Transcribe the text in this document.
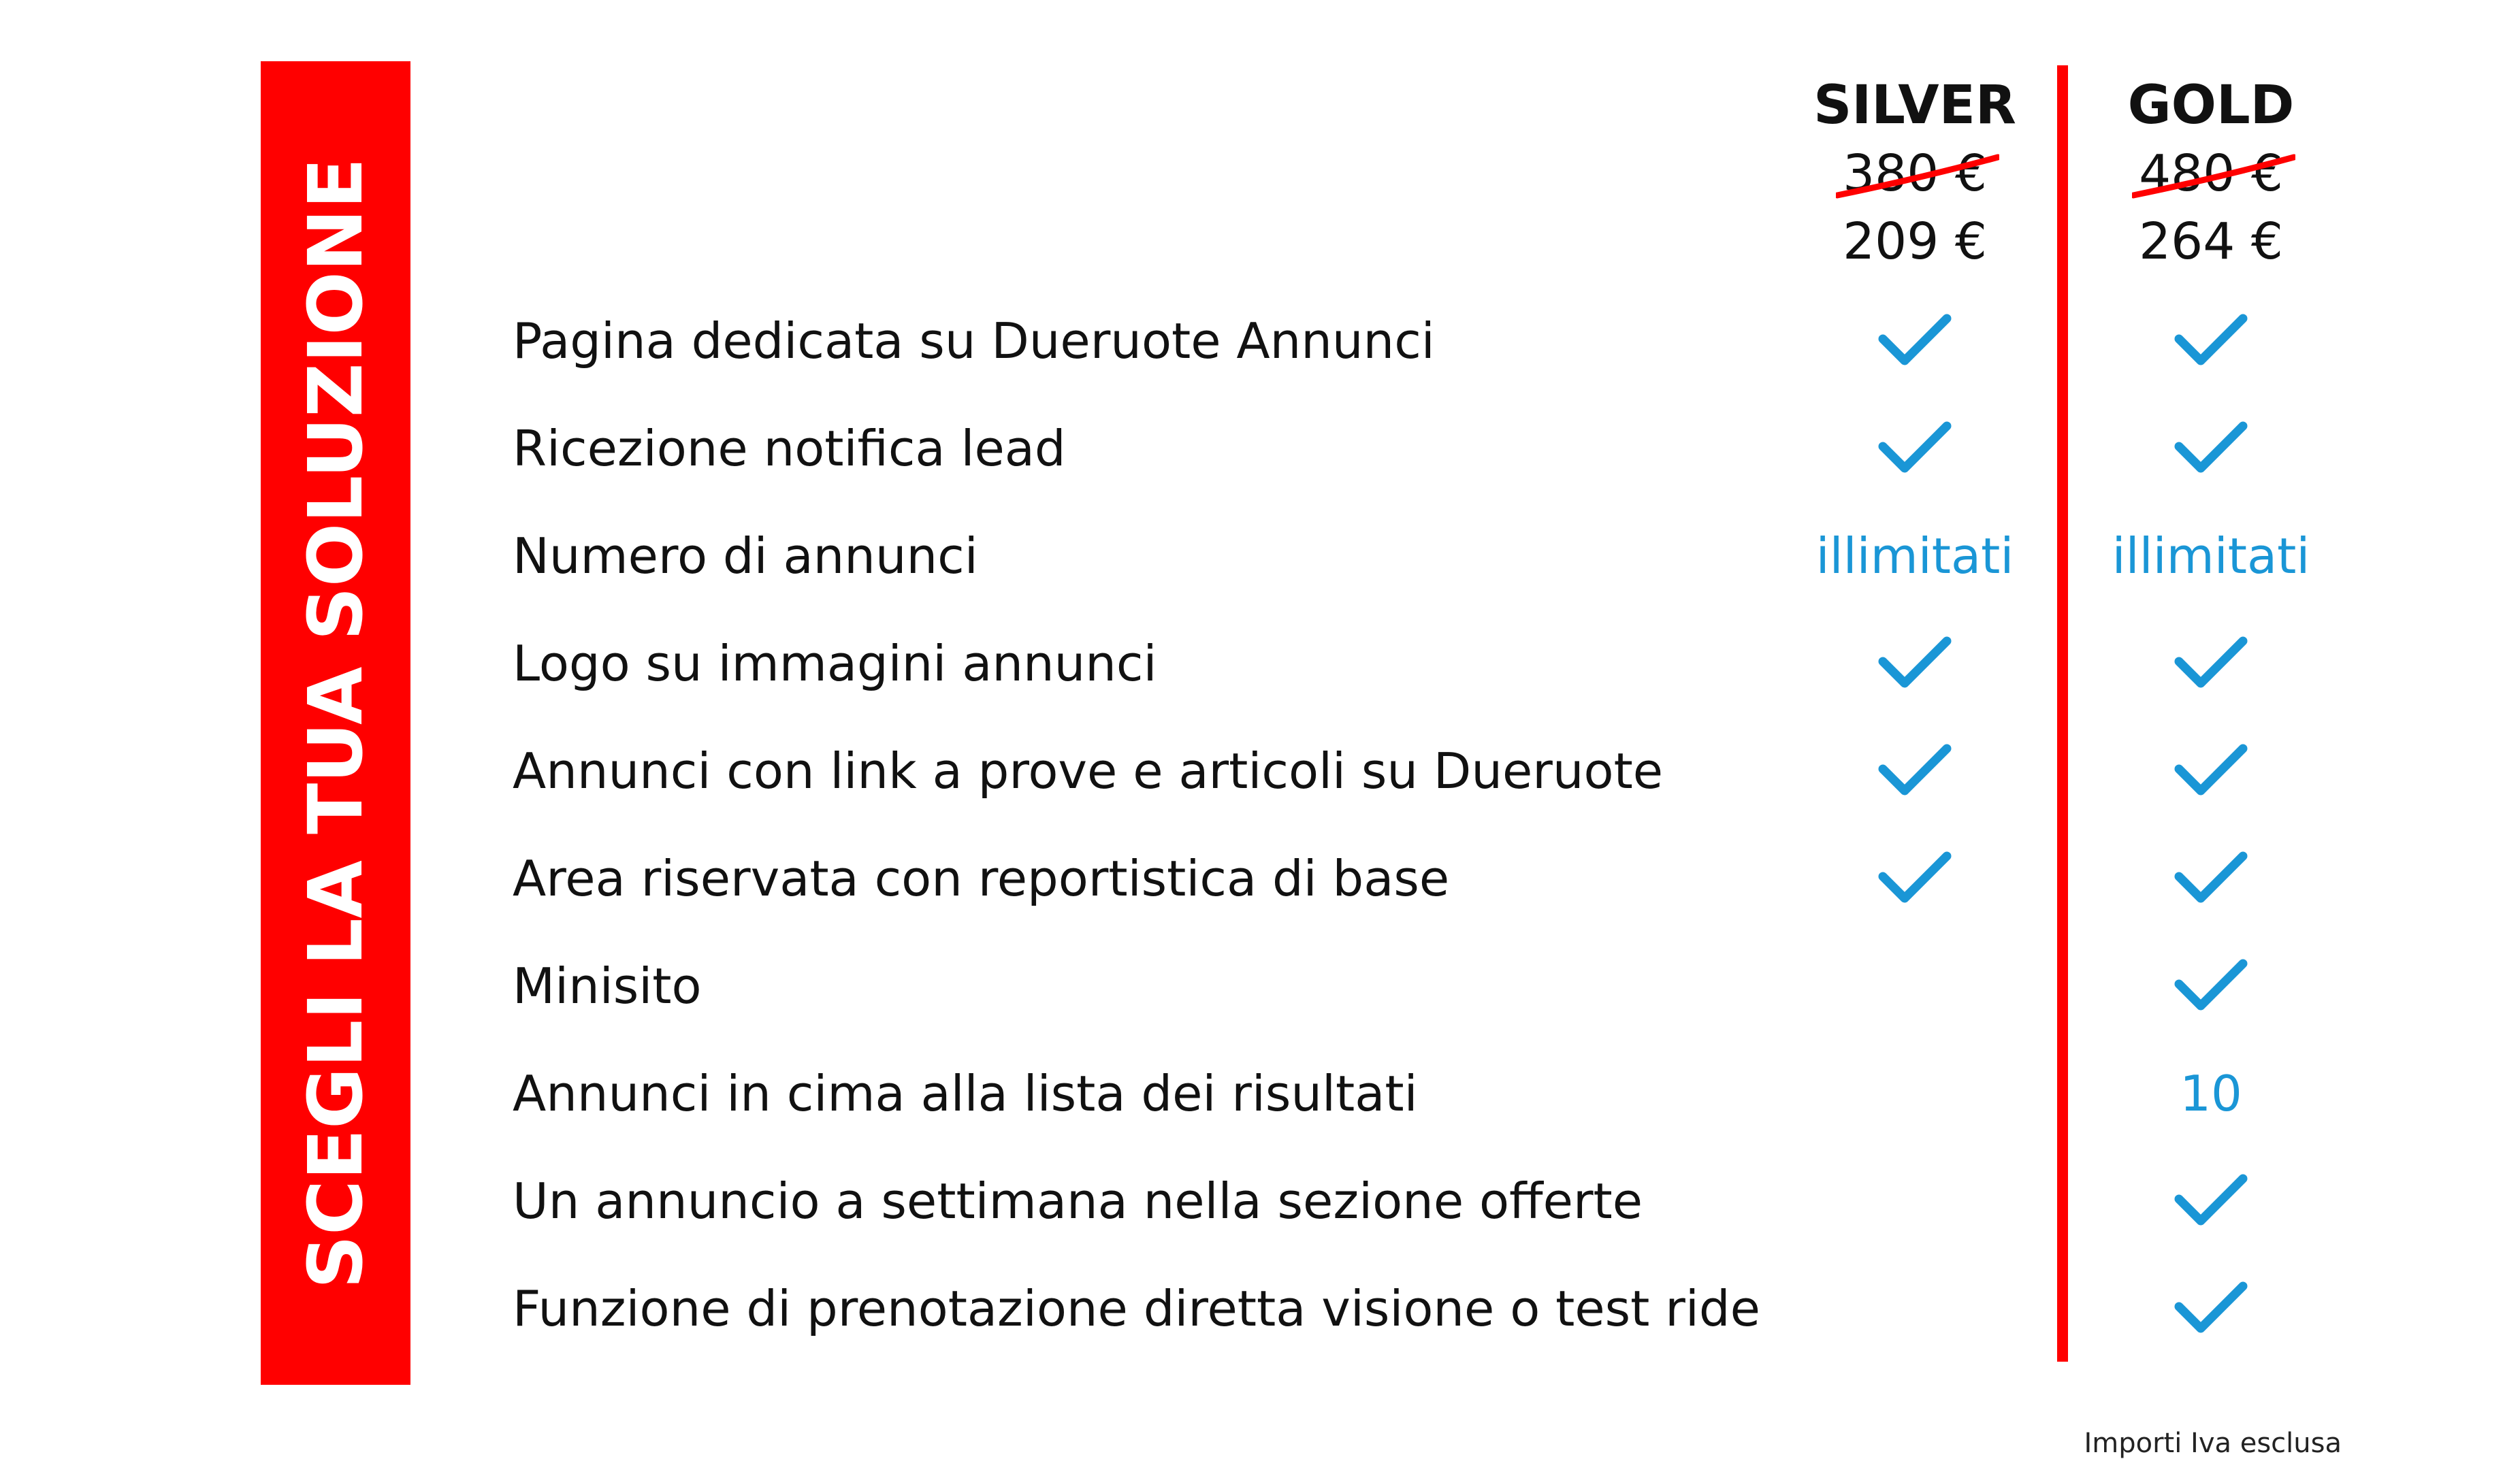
SCEGLI LA TUA SOLUZIONE
SILVER
380 €
209 €
GOLD
480 €
264 €
Pagina dedicata su Dueruote Annunci
Ricezione notifica lead
Numero di annunci	illimitati illimitati
Logo su immagini annunci
Annunci con link a prove e articoli su Dueruote
Area riservata con reportistica di base
Minisito
Annunci in cima alla lista dei risultati	10
Un annuncio a settimana nella sezione offerte
Funzione di prenotazione diretta visione o test ride
Importi Iva esclusa
